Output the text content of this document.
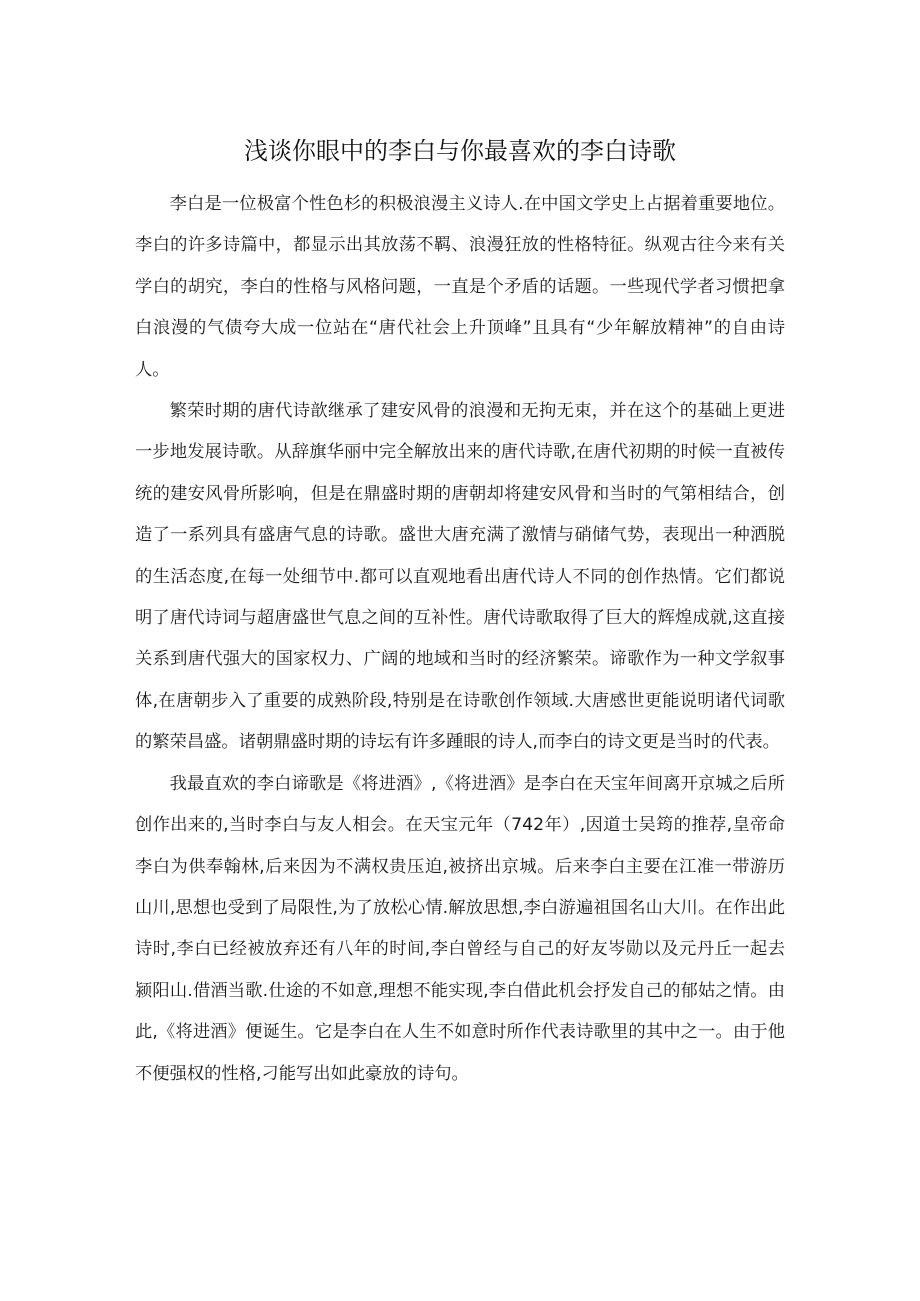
浅谈你眼中的李白与你最喜欢的李白诗歌

李白是一位极富个性色杉的积极浪漫主义诗人.在中国文学史上占据着重要地位。李白的许多诗篇中，都显示出其放荡不羁、浪漫狂放的性格特征。纵观古往今来有关学白的胡究，李白的性格与风格问题，一直是个矛盾的话题。一些现代学者习惯把拿白浪漫的气债夸大成一位站在“唐代社会上升顶峰”且具有“少年解放精神”的自由诗人。

繁荣时期的唐代诗歆继承了建安风骨的浪漫和无拘无束，并在这个的基础上更进一步地发展诗歌。从辞旗华丽中完全解放出来的唐代诗歌,在唐代初期的时候一直被传统的建安风骨所影响，但是在鼎盛时期的唐朝却将建安风骨和当时的气第相结合，创造了一系列具有盛唐气息的诗歌。盛世大唐充满了激情与硝储气势，表现出一种洒脱的生活态度,在每一处细节中.都可以直观地看出唐代诗人不同的创作热情。它们都说明了唐代诗词与超唐盛世气息之间的互补性。唐代诗歌取得了巨大的辉煌成就,这直接关系到唐代强大的国家权力、广阔的地域和当时的经济繁荣。谛歌作为一种文学叙事体,在唐朝步入了重要的成熟阶段,特别是在诗歌创作领域.大唐感世更能说明诸代词歌的繁荣昌盛。诸朝鼎盛时期的诗坛有许多踵眼的诗人,而李白的诗文更是当时的代表。

我最直欢的李白谛歌是《将进酒》,《将进酒》是李白在天宝年间离开京城之后所创作出来的,当时李白与友人相会。在天宝元年（742年）,因道士吴筠的推荐,皇帝命李白为供奉翰林,后来因为不满权贵压迫,被挤出京城。后来李白主要在江准一带游历山川,思想也受到了局限性,为了放松心情.解放思想,李白游遍祖国名山大川。在作出此诗时,李白已经被放弃还有八年的时间,李白曾经与自己的好友岑勋以及元丹丘一起去颍阳山.借酒当歌.仕途的不如意,理想不能实现,李白借此机会抒发自己的郁姑之情。由此,《将进酒》便诞生。它是李白在人生不如意时所作代表诗歌里的其中之一。由于他不便强权的性格,刁能写出如此豪放的诗句。
